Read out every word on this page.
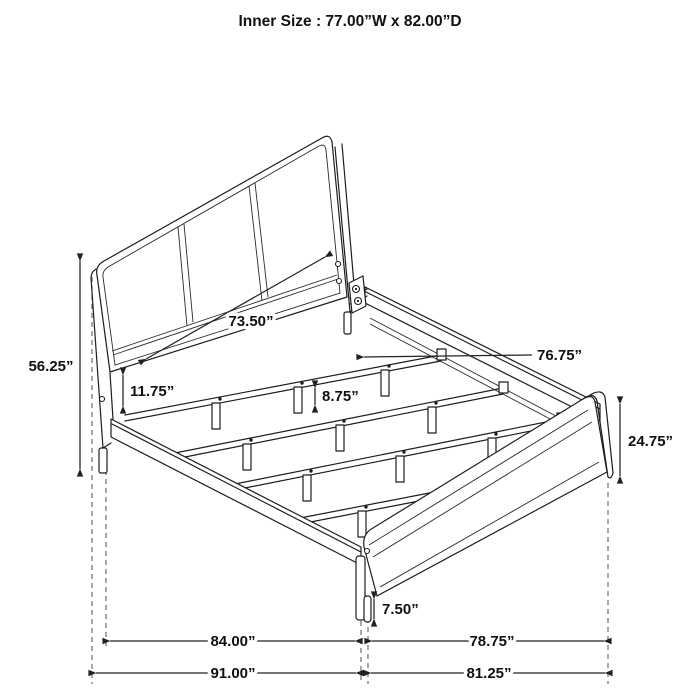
Inner Size : 77.00”W x 82.00”D
56.25”
73.50”
76.75”
11.75”	8.75”
24.75”
7.50”
84.00”	78.75”
91.00”	81.25”
